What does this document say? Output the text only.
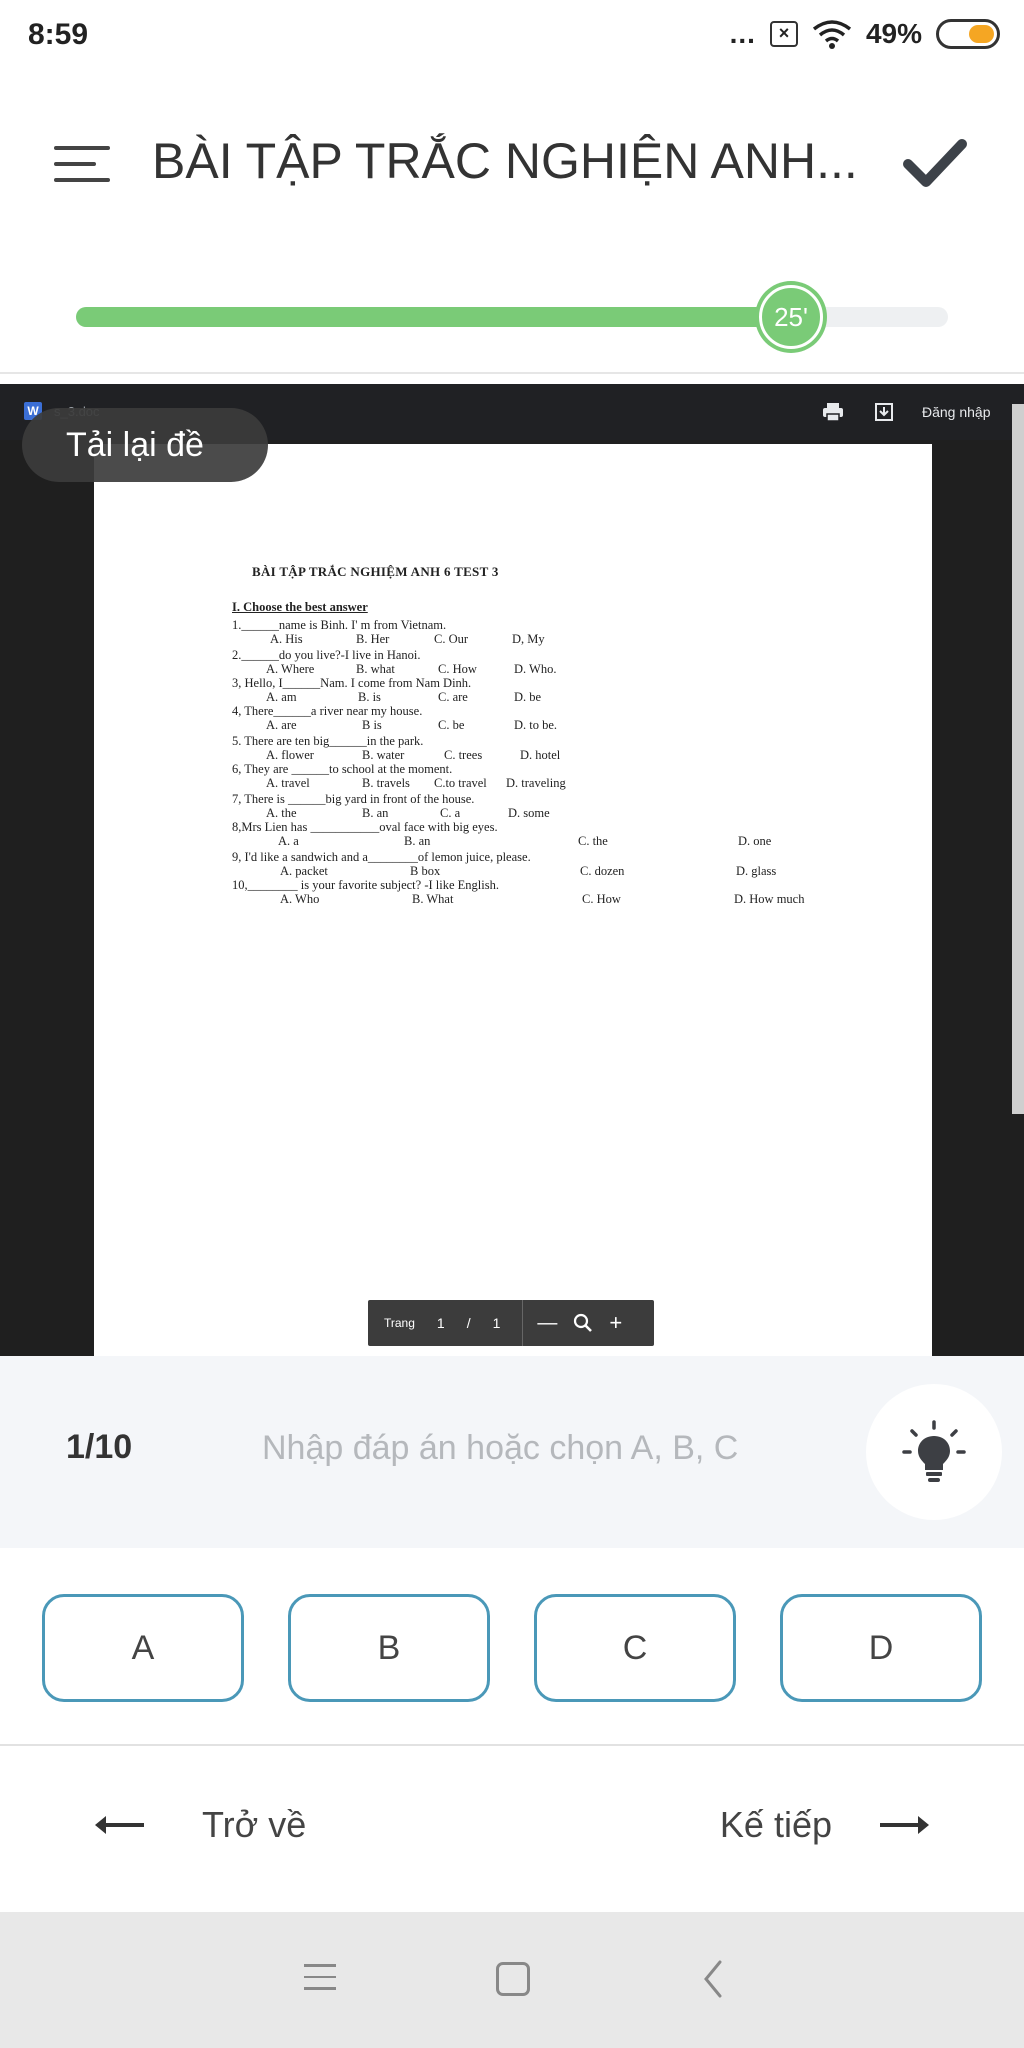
8:59	...	×	49%
BÀI TẬP TRẮC NGHIỆN ANH...
25'
W	Đăng nhập
BÀI TẬP TRẮC NGHIỆM ANH 6 TEST 3
I. Choose the best answer
1.______name is Binh. I' m from Vietnam.
A. His	B. Her	C. Our	D, My
2.______do you live?-I live in Hanoi.
A. Where	B. what	C. How	D. Who.
3, Hello, I______Nam. I come from Nam Dinh.
A. am	B. is	C. are	D. be
4, There______a river near my house.
A. are	B is	C. be	D. to be.
5. There are ten big______in the park.
A. flower	B. water	C. trees	D. hotel
6, They are ______to school at the moment.
A. travel	B. travels C.to travel D. traveling
7, There is ______big yard in front of the house.
A. the	B. an	C. a	D. some
8,Mrs Lien has ___________oval face with big eyes.
A. a	B. an	C. the	D. one
9, I'd like a sandwich and a________of lemon juice, please.
A. packet	B box	C. dozen	D. glass
10,________ is your favorite subject? -I like English.
A. Who	B. What	C. How	D. How much
Tải lại đề
Trang 1 / 1 — +
1/10
Nhập đáp án hoặc chọn A, B, C
A	B	C	D
Trở về	Kế tiếp
